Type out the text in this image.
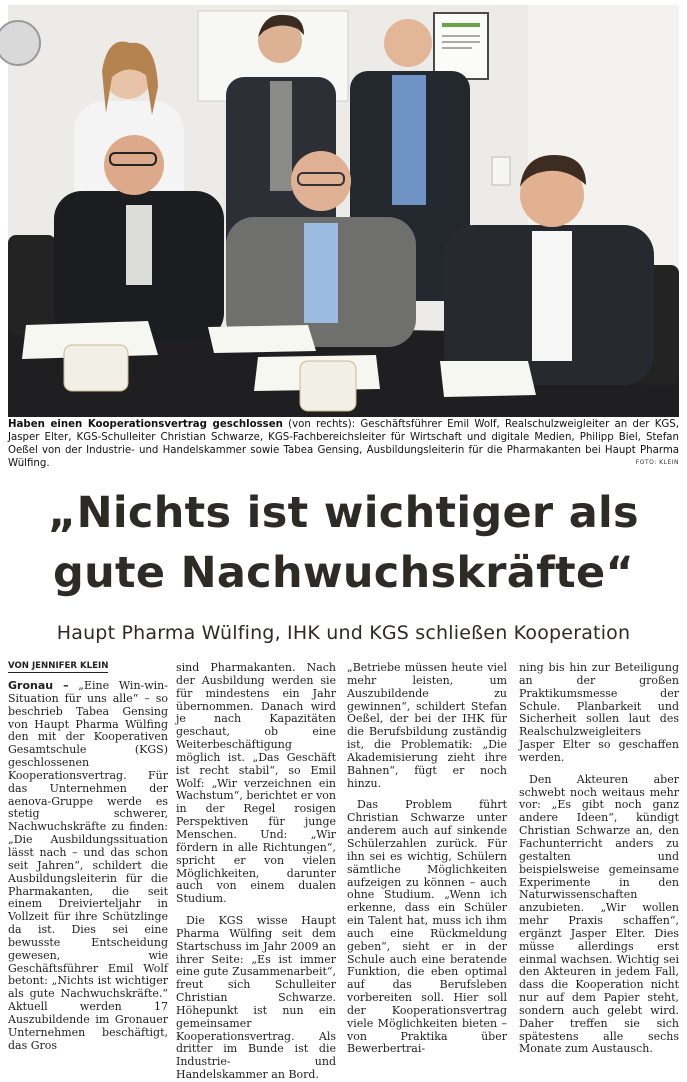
Haben einen Kooperationsvertrag geschlossen (von rechts): Geschäftsführer Emil Wolf, Realschulzweigleiter an der KGS, Jasper Elter, KGS-Schulleiter Christian Schwarze, KGS-Fachbereichsleiter für Wirtschaft und digitale Medien, Philipp Biel, Stefan Oeßel von der Industrie- und Handelskammer sowie Tabea Gensing, Ausbildungsleiterin für die Pharmakanten bei Haupt Pharma Wülfing.	FOTO: KLEIN
„Nichts ist wichtiger als
gute Nachwuchskräfte“
Haupt Pharma Wülfing, IHK und KGS schließen Kooperation
VON JENNIFER KLEIN

Gronau – „Eine Win-win-Situation für uns alle“ – so beschrieb Tabea Gensing von Haupt Pharma Wülfing den mit der Kooperativen Gesamtschule (KGS) geschlossenen Kooperationsvertrag. Für das Unternehmen der aenova-Gruppe werde es stetig schwerer, Nachwuchskräfte zu finden: „Die Ausbildungssituation lässt nach – und das schon seit Jahren“, schildert die Ausbildungsleiterin für die Pharmakanten, die seit einem Dreivierteljahr in Vollzeit für ihre Schützlinge da ist. Dies sei eine bewusste Entscheidung gewesen, wie Geschäftsführer Emil Wolf betont: „Nichts ist wichtiger als gute Nachwuchskräfte.“ Aktuell werden 17 Auszubildende im Gronauer Unternehmen beschäftigt, das Gros

sind Pharmakanten. Nach der Ausbildung werden sie für mindestens ein Jahr übernommen. Danach wird je nach Kapazitäten geschaut, ob eine Weiterbeschäftigung möglich ist. „Das Geschäft ist recht stabil“, so Emil Wolf: „Wir verzeichnen ein Wachstum“, berichtet er von in der Regel rosigen Perspektiven für junge Menschen. Und: „Wir fördern in alle Richtungen“, spricht er von vielen Möglichkeiten, darunter auch von einem dualen Studium.

Die KGS wisse Haupt Pharma Wülfing seit dem Startschuss im Jahr 2009 an ihrer Seite: „Es ist immer eine gute Zusammenarbeit“, freut sich Schulleiter Christian Schwarze. Höhepunkt ist nun ein gemeinsamer Kooperationsvertrag. Als dritter im Bunde ist die Industrie- und Handelskammer an Bord.

„Betriebe müssen heute viel mehr leisten, um Auszubildende zu gewinnen“, schildert Stefan Oeßel, der bei der IHK für die Berufsbildung zuständig ist, die Problematik: „Die Akademisierung zieht ihre Bahnen“, fügt er noch hinzu.

Das Problem führt Christian Schwarze unter anderem auch auf sinkende Schülerzahlen zurück. Für ihn sei es wichtig, Schülern sämtliche Möglichkeiten aufzeigen zu können – auch ohne Studium. „Wenn ich erkenne, dass ein Schüler ein Talent hat, muss ich ihm auch eine Rückmeldung geben“, sieht er in der Schule auch eine beratende Funktion, die eben optimal auf das Berufsleben vorbereiten soll. Hier soll der Kooperationsvertrag viele Möglichkeiten bieten – von Praktika über Bewerbertrai-

ning bis hin zur Beteiligung an der großen Praktikumsmesse der Schule. Planbarkeit und Sicherheit sollen laut des Realschulzweigleiters Jasper Elter so geschaffen werden.

Den Akteuren aber schwebt noch weitaus mehr vor: „Es gibt noch ganz andere Ideen“, kündigt Christian Schwarze an, den Fachunterricht anders zu gestalten und beispielsweise gemeinsame Experimente in den Naturwissenschaften anzubieten. „Wir wollen mehr Praxis schaffen“, ergänzt Jasper Elter. Dies müsse allerdings erst einmal wachsen. Wichtig sei den Akteuren in jedem Fall, dass die Kooperation nicht nur auf dem Papier steht, sondern auch gelebt wird. Daher treffen sie sich spätestens alle sechs Monate zum Austausch.
